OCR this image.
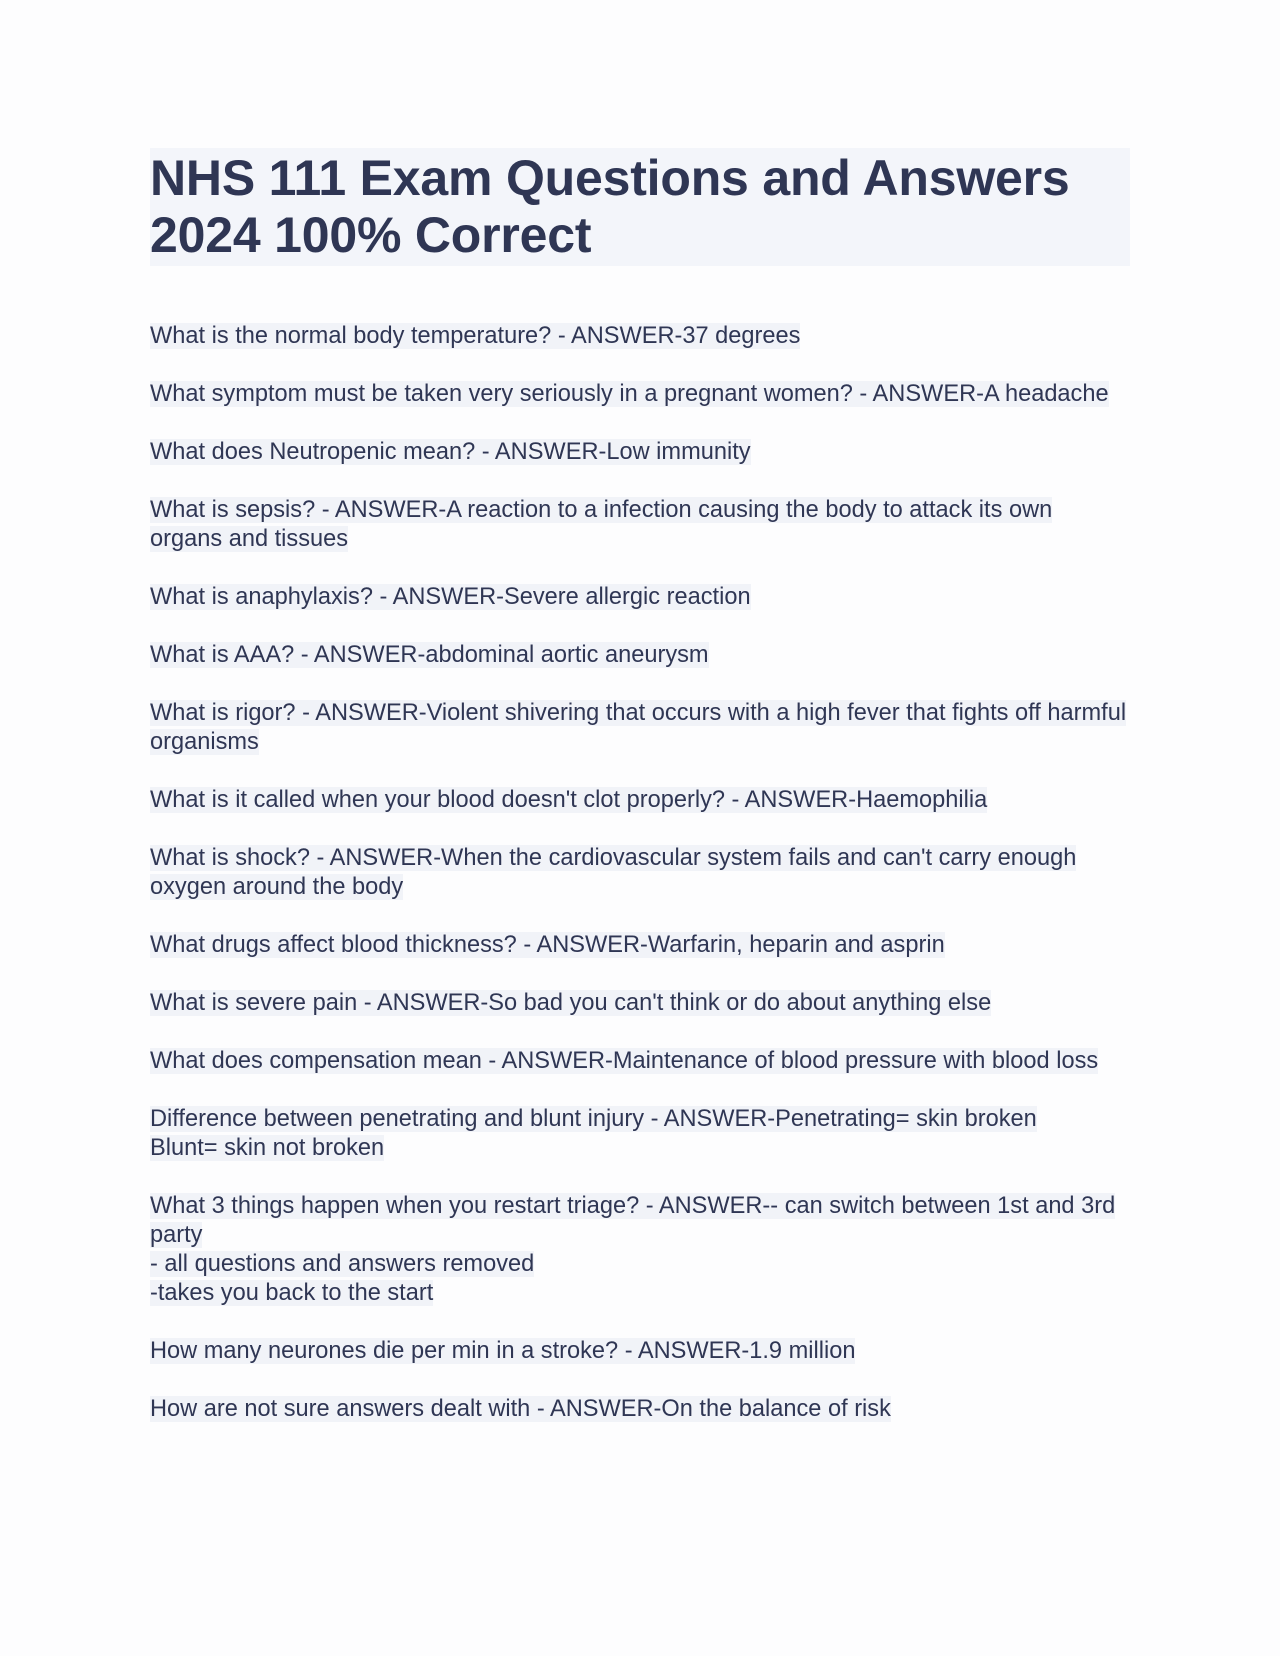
NHS 111 Exam Questions and Answers 2024 100% Correct

What is the normal body temperature? - ANSWER-37 degrees

What symptom must be taken very seriously in a pregnant women? - ANSWER-A headache

What does Neutropenic mean? - ANSWER-Low immunity

What is sepsis? - ANSWER-A reaction to a infection causing the body to attack its own organs and tissues

What is anaphylaxis? - ANSWER-Severe allergic reaction

What is AAA? - ANSWER-abdominal aortic aneurysm

What is rigor? - ANSWER-Violent shivering that occurs with a high fever that fights off harmful organisms

What is it called when your blood doesn't clot properly? - ANSWER-Haemophilia

What is shock? - ANSWER-When the cardiovascular system fails and can't carry enough oxygen around the body

What drugs affect blood thickness? - ANSWER-Warfarin, heparin and asprin

What is severe pain - ANSWER-So bad you can't think or do about anything else

What does compensation mean - ANSWER-Maintenance of blood pressure with blood loss

Difference between penetrating and blunt injury - ANSWER-Penetrating= skin broken
Blunt= skin not broken

What 3 things happen when you restart triage? - ANSWER-- can switch between 1st and 3rd party
- all questions and answers removed
-takes you back to the start

How many neurones die per min in a stroke? - ANSWER-1.9 million

How are not sure answers dealt with - ANSWER-On the balance of risk
